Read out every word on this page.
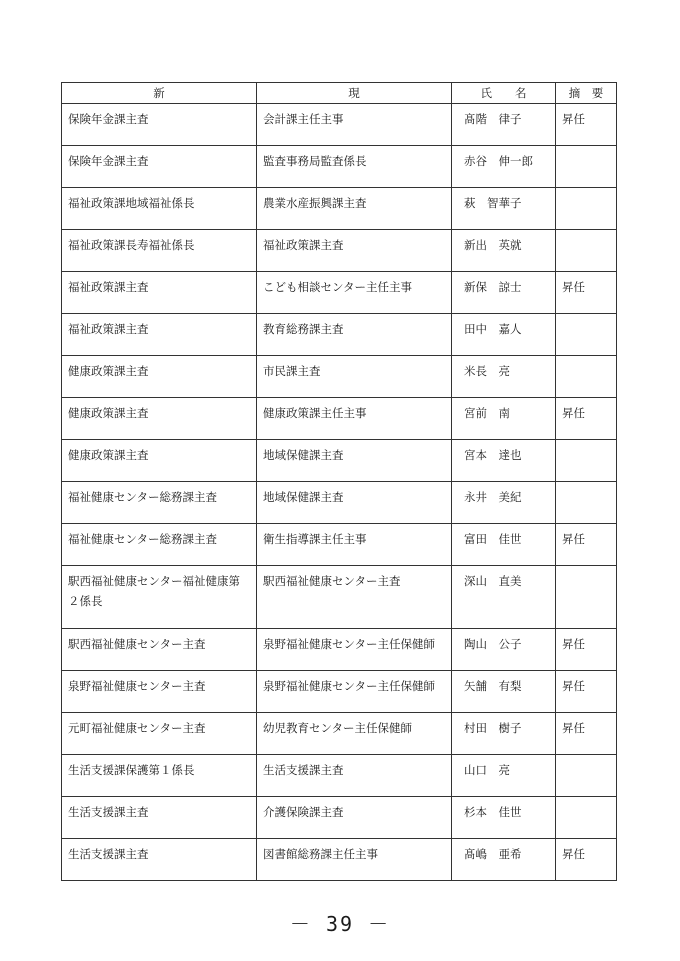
新	現	氏　　名	摘　要
保険年金課主査	会計課主任主事	髙階　律子	昇任
保険年金課主査	監査事務局監査係長	赤谷　伸一郎	
福祉政策課地域福祉係長	農業水産振興課主査	萩　智華子	
福祉政策課長寿福祉係長	福祉政策課主査	新出　英就	
福祉政策課主査	こども相談センター主任主事	新保　諒士	昇任
福祉政策課主査	教育総務課主査	田中　嘉人	
健康政策課主査	市民課主査	米長　亮	
健康政策課主査	健康政策課主任主事	宮前　南	昇任
健康政策課主査	地域保健課主査	宮本　達也	
福祉健康センター総務課主査	地域保健課主査	永井　美紀	
福祉健康センター総務課主査	衛生指導課主任主事	富田　佳世	昇任
駅西福祉健康センター福祉健康第２係長	駅西福祉健康センター主査	深山　直美	
駅西福祉健康センター主査	泉野福祉健康センター主任保健師	陶山　公子	昇任
泉野福祉健康センター主査	泉野福祉健康センター主任保健師	矢舗　有梨	昇任
元町福祉健康センター主査	幼児教育センター主任保健師	村田　樹子	昇任
生活支援課保護第１係長	生活支援課主査	山口　亮	
生活支援課主査	介護保険課主査	杉本　佳世	
生活支援課主査	図書館総務課主任主事	髙嶋　亜希	昇任
－ 39 －
